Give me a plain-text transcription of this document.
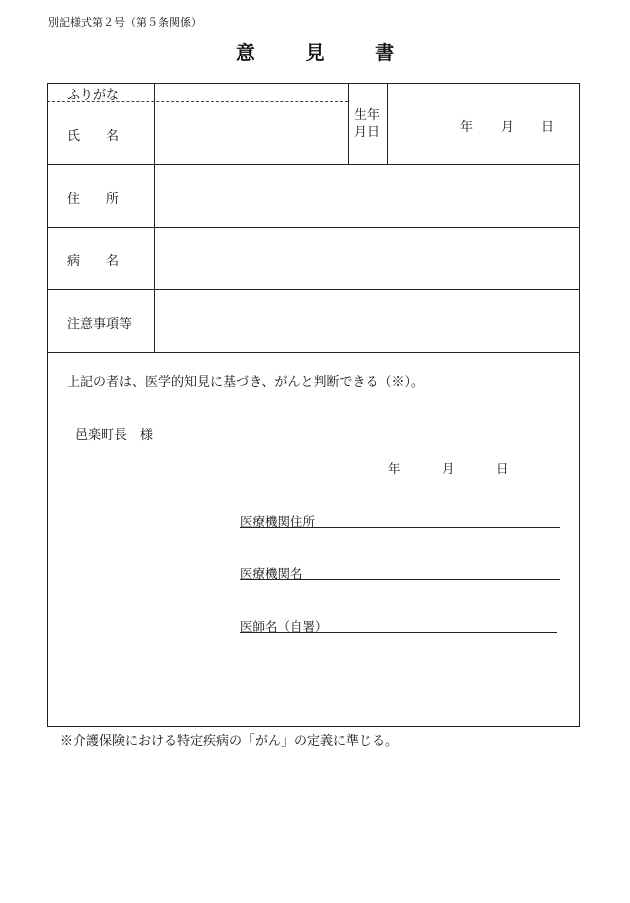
別記様式第２号（第５条関係）
意	見	書
ふりがな
氏 名
生年
月日	年 月 日
住 所
病 名
注意事項等
上記の者は、医学的知見に基づき、がんと判断できる（※）。
邑楽町長　様
年	月	日
医療機関住所
医療機関名
医師名（自署）
※介護保険における特定疾病の「がん」の定義に準じる。
